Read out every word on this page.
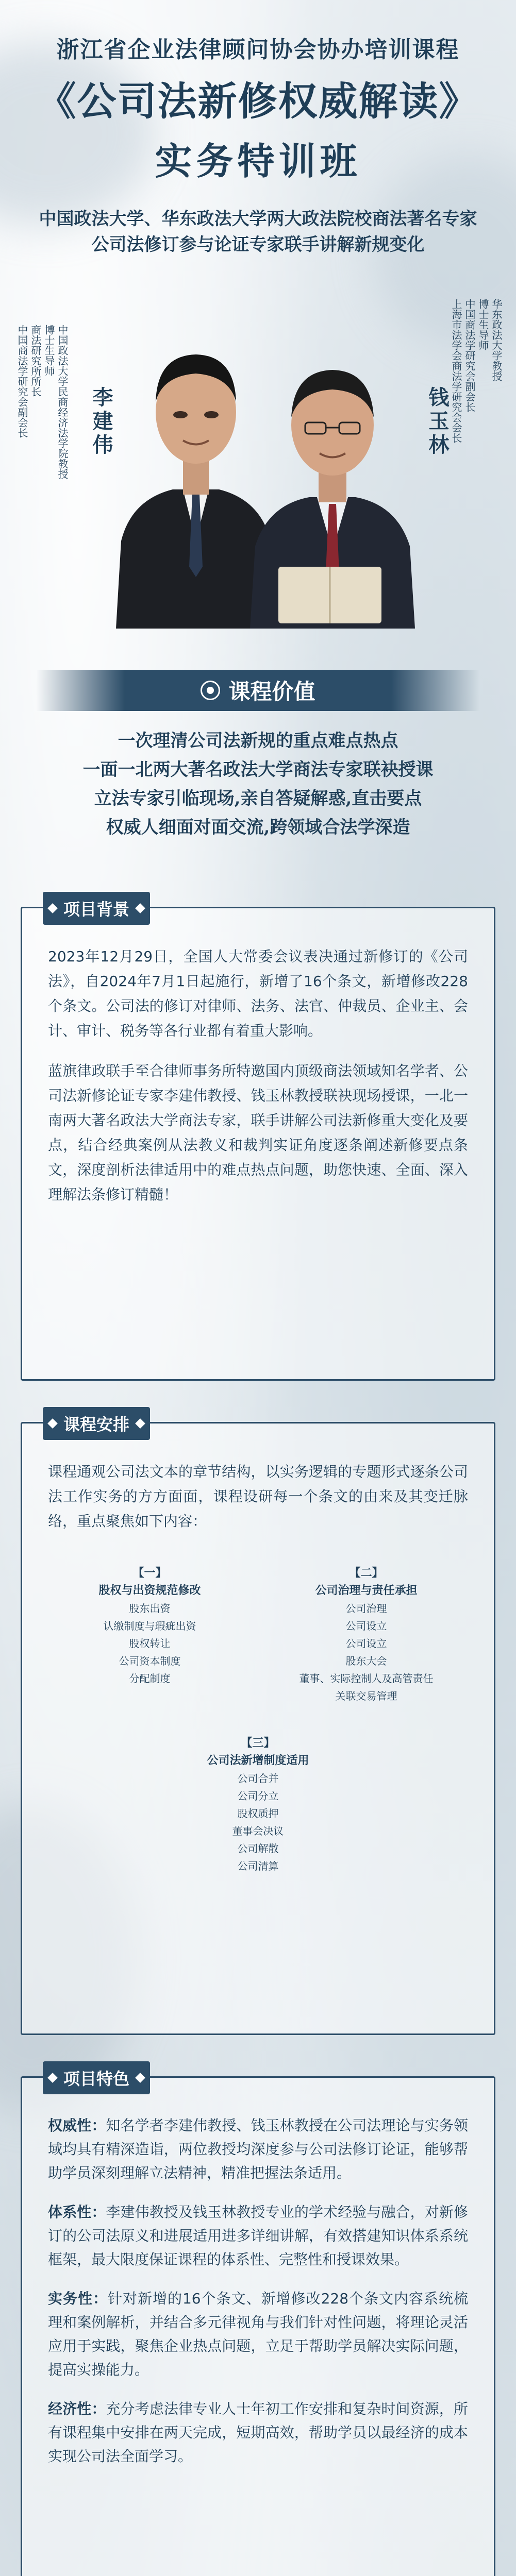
浙江省企业法律顾问协会协办培训课程
《公司法新修权威解读》
实务特训班
中国政法大学、华东政法大学两大政法院校商法著名专家
公司法修订参与论证专家联手讲解新规变化
中国政法大学民商经济法学院教授
博士生导师
商法研究所所长
中国商法学研究会副会长	李建伟	钱玉林
华东政法大学教授
博士生导师
中国商法学研究会副会长
上海市法学会商法学研究会会长
课程价值
一次理清公司法新规的重点难点热点
一面一北两大著名政法大学商法专家联袂授课
立法专家引临现场,亲自答疑解惑,直击要点
权威人细面对面交流,跨领域合法学深造
项目背景

2023年12月29日，全国人大常委会议表决通过新修订的《公司法》，自2024年7月1日起施行，新增了16个条文，新增修改228个条文。公司法的修订对律师、法务、法官、仲裁员、企业主、会计、审计、税务等各行业都有着重大影响。

蓝旗律政联手至合律师事务所特邀国内顶级商法领域知名学者、公司法新修论证专家李建伟教授、钱玉林教授联袂现场授课，一北一南两大著名政法大学商法专家，联手讲解公司法新修重大变化及要点，结合经典案例从法教义和裁判实证角度逐条阐述新修要点条文，深度剖析法律适用中的难点热点问题，助您快速、全面、深入理解法条修订精髓！

课程安排

课程通观公司法文本的章节结构，以实务逻辑的专题形式逐条公司法工作实务的方方面面，课程设研每一个条文的由来及其变迁脉络，重点聚焦如下内容：

【一】
股权与出资规范修改
股东出资
认缴制度与瑕疵出资
股权转让
公司资本制度
分配制度
【二】
公司治理与责任承担
公司治理
公司设立
公司设立
股东大会
董事、实际控制人及高管责任
关联交易管理
【三】
公司法新增制度适用
公司合并
公司分立
股权质押
董事会决议
公司解散
公司清算
项目特色

权威性：知名学者李建伟教授、钱玉林教授在公司法理论与实务领域均具有精深造诣，两位教授均深度参与公司法修订论证，能够帮助学员深刻理解立法精神，精准把握法条适用。

体系性：李建伟教授及钱玉林教授专业的学术经验与融合，对新修订的公司法原义和进展适用进多详细讲解，有效搭建知识体系系统框架，最大限度保证课程的体系性、完整性和授课效果。

实务性：针对新增的16个条文、新增修改228个条文内容系统梳理和案例解析，并结合多元律视角与我们针对性问题，将理论灵活应用于实践，聚焦企业热点问题，立足于帮助学员解决实际问题，提高实操能力。

经济性：充分考虑法律专业人士年初工作安排和复杂时间资源，所有课程集中安排在两天完成，短期高效，帮助学员以最经济的成本实现公司法全面学习。
